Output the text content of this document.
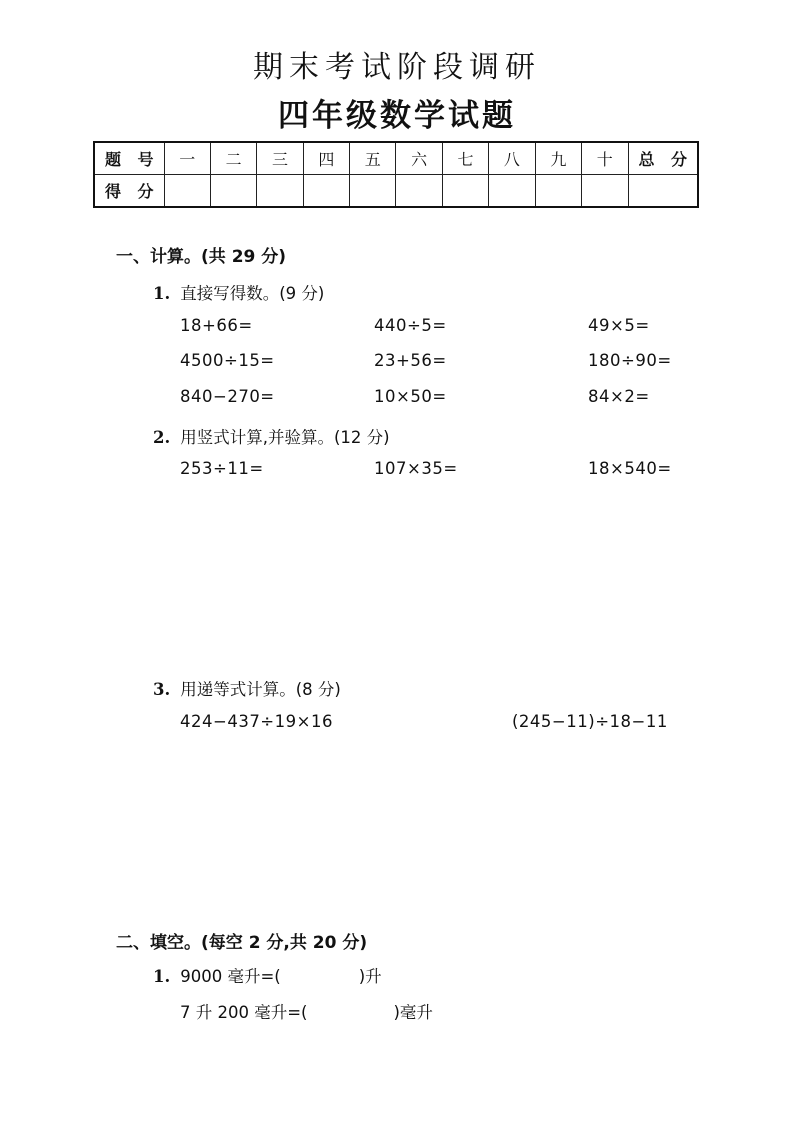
期末考试阶段调研
四年级数学试题
题 号	一	二	三	四	五	六	七	八	九	十	总 分

得 分											

一、计算。(共 29 分)
1. 直接写得数。(9 分)
18+66=	440÷5=	49×5=
4500÷15=	23+56=	180÷90=
840−270=	10×50=	84×2=
2. 用竖式计算,并验算。(12 分)
253÷11=	107×35=	18×540=
3. 用递等式计算。(8 分)
424−437÷19×16	(245−11)÷18−11
二、填空。(每空 2 分,共 20 分)
1. 9000 毫升=(	)升
7 升 200 毫升=(	)毫升
